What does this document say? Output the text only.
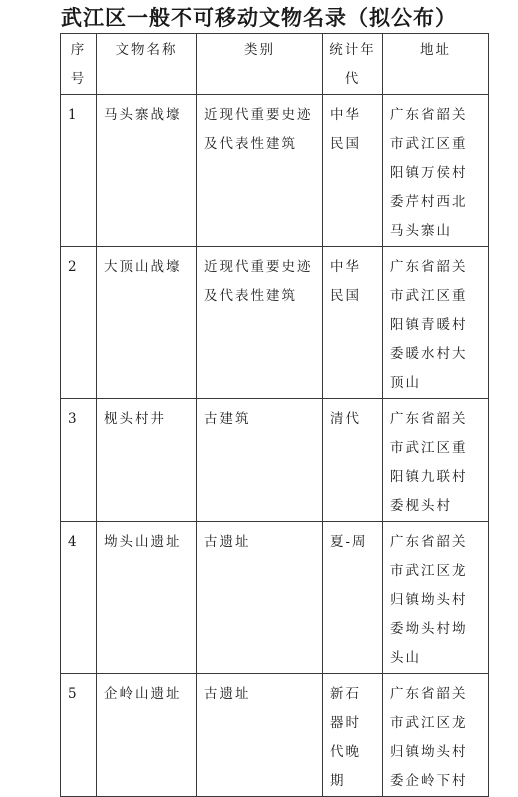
武江区一般不可移动文物名录（拟公布）
序号	文物名称	类别	统计年代	地址
1	马头寨战壕	近现代重要史迹及代表性建筑	中华民国	广东省韶关市武江区重阳镇万侯村委芹村西北马头寨山
2	大顶山战壕	近现代重要史迹及代表性建筑	中华民国	广东省韶关市武江区重阳镇青暖村委暖水村大顶山
3	枧头村井	古建筑	清代	广东省韶关市武江区重阳镇九联村委枧头村
4	坳头山遗址	古遗址	夏-周	广东省韶关市武江区龙归镇坳头村委坳头村坳头山
5	企岭山遗址	古遗址	新石器时代晚期	广东省韶关市武江区龙归镇坳头村委企岭下村
